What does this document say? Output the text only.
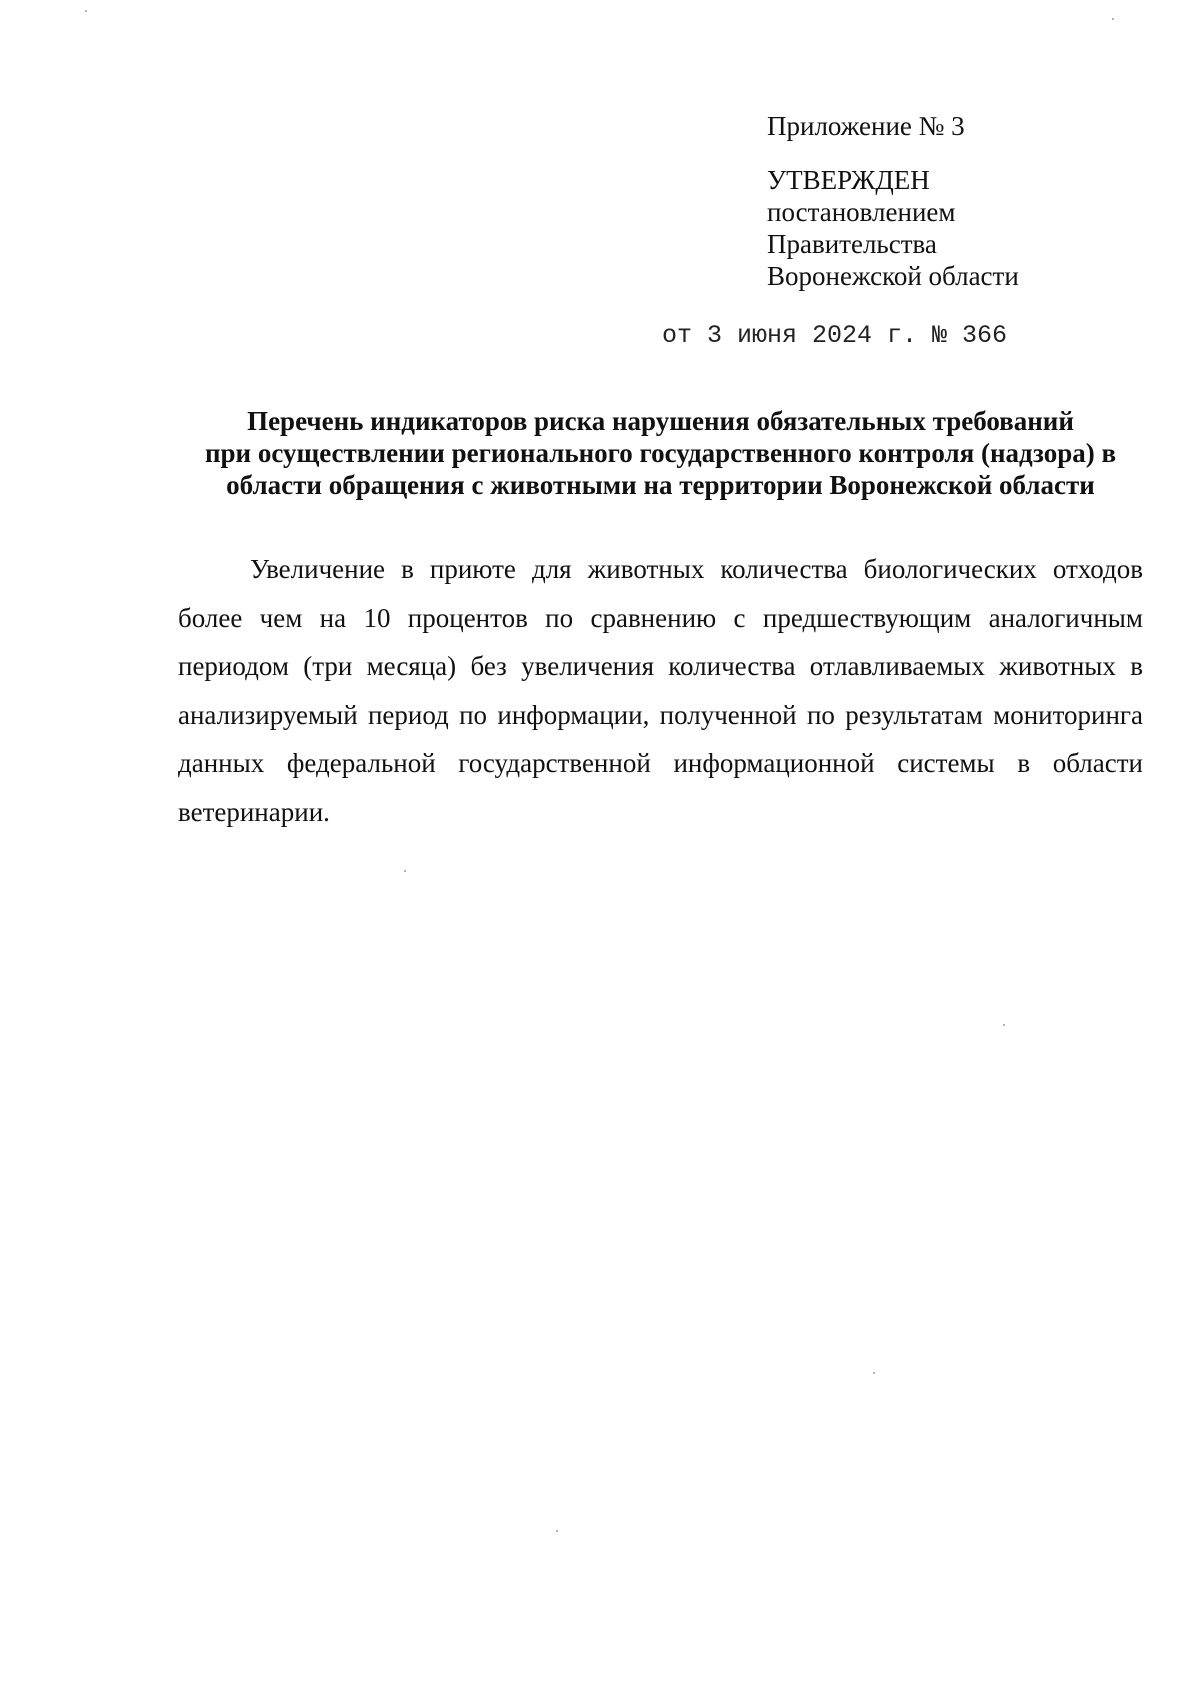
Приложение № 3

УТВЕРЖДЕН

постановлением

Правительства

Воронежской области

от 3 июня 2024 г. № 366
Перечень индикаторов риска нарушения обязательных требований
при осуществлении регионального государственного контроля (надзора) в
области обращения с животными на территории Воронежской области

Увеличение в приюте для животных количества биологических отходов более чем на 10 процентов по сравнению с предшествующим аналогичным периодом (три месяца) без увеличения количества отлавливаемых животных в анализируемый период по информации, полученной по результатам мониторинга данных федеральной государственной информационной системы в области ветеринарии.
